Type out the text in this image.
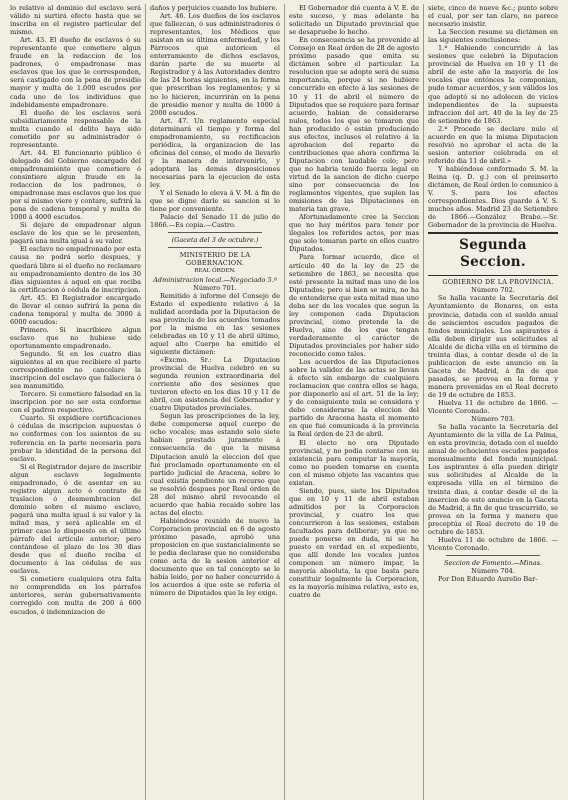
lo relativo al dominio del esclavo será válido ni surtirá efecto hasta que se inscriba en el registro particular del mismo.

Art. 43. El dueño de esclavos ó su representante que cometiere algun fraude en la redaccion de los padrones, ó empadronase mas esclavos que los que le corresponden, será castigado con la pena de presidio mayor y multa de 1.000 escudos por cada uno de los individuos que indebidamente empadronare.

El dueño de los esclavos será subsidiariamente responsable de la multa cuando el delito haya sido cometido por su administrador ó representante.

Art. 44. El funcionario público ó delegado del Gobierno encargado del empadronamiento que cometiere ó consintiere algun fraude en la redaccion de los padrones, ó empadronase mas esclavos que los que por sí mismo viere y contare, sufrirá la pena de cadena temporal y multa de 1000 á 4000 escudos.

Si dejare de empadronar algun esclavo de los que se le presenten, pagará una multa igual á su valor.

El esclavo no empadronado por esta causa no podrá serlo despues, y quedará libre si el dueño no reclamare su empadronamiento dentro de los 30 dias siguientes á aquel en que reciba la certificacion ó cédula de inscripcion.

Art. 45. El Registrador encargado de llevar el censo sufrirá la pena de cadena temporal y multa de 3000 á 6000 escudos:

Primero. Si inscribiere algun esclavo que no hubiese sido oportunamente empadronado.

Segundo. Si en los cuatro dias siguientes al en que recibiere el parte correspondiente no cancelare la inscripcion del esclavo que falleciera ó sea manumitido.

Tercero. Si cometiere falsedad en la inscripcion por no ser esta conforme con el padron respectivo.

Cuarto. Si expidiere certificaciones ó cédulas de inscripcion supuestas ó no conformes con los asientos de su referencia en la parte necesaria para probar la identidad de la persona del esclavo.

Si el Registrador dejare de inscribir algun esclavo legalmente empadronado, ó de asentar en su registro algun acto ó contrato de traslacion ó desmembracion del dominio sobre el mismo esclavo, pagará una multa igual á su valor y la mitad mas, y será aplicable en el primer caso lo dispuesto en el último párrafo del artículo anterior; pero contándose el plazo de los 30 dias desde que el dueño reciba el documento á las cédulas de sus esclavos.

Si cometiere cualquiera otra falta no comprendida en los párrafos anteriores, serán gubernativamente corregido con multa de 200 á 600 escudos, é indemnizacion de

daños y perjuicios cuando los hubiere.

Art. 46. Los dueños de los esclavos que fallezcan, ó sus administradores ó representantes, los Médicos que asistan en su última enfermedad, y los Párrocos que autoricen el enterramiento de dichos esclavos, darán parte de su muerte al Registrador y á las Autoridades dentro de las 24 horas siguientes, en la forma que prescriban los reglamentos; y si no lo hicieren, incurrirán en la pena de presidio menor y multa de 1000 á 2000 escudos.

Art. 47. Un reglamento especial determinará el tiempo y forma del empadronamiento, su rectificacion periódica, la organizacion de las oficinas del censo, el modo de llevarlo y la manera de intervenirlo, y adoptará las demás disposiciones necesarias para la ejecucion de esta ley.

Y el Senado lo eleva á V. M. á fin de que se digne darle su sancion si lo tiene por conveniente.

Palacio del Senado 11 de julio de 1866.—Es copia.—Castro.

(Gaceta del 3 de octubre.)

MINISTERIO DE LA GOBERNACION.

REAL ÓRDEN.

Administracion local.—Negociado 5.º

Número 701.

Remitido á informe del Consejo de Estado el expediente relativo á la nulidad acordada por la Diputacion de esa provincia de los acuerdos tomados por la misma en las sesiones celebradas en 10 y 11 de abril último, aquel alto Cuerpo ha emitido el siguiente dictámen:

«Excmo. Sr.: La Diputacion provincial de Huelva celebró en su segunda reunion extraordinaria del corriente año dos sesiones que tuvieron efecto en los dias 10 y 11 de abril, con asistencia del Gobernador y cuatro Diputados provinciales.

Segun las prescripciones de la ley, debe componerse aquel cuerpo de ocho vocales; mas estando solo siete habian prestado juramento á consecuencia de que la misma Diputacion anuló la eleccion del que fué proclamado oportunamente en el partido judicial de Aracena, sobre lo cual existia pendiente un recurso que se resolvió despues por Real órden de 28 del mismo abril revocando el acuerdo que habia recaido sobre las actas del electo.

Habiéndose reunido de nuevo la Corporacion provincial en 6 de agosto próximo pasado, aprobó una proposicion en que sustancialmente se le pedia declarase que no consideraba como acta de la sesion anterior el documento que en tal concepto se le habia leido, por no haber concurrido á los acuerdos á que este se referia el número de Diputados que la ley exige.

El Gobernador dió cuenta á V. E. de este suceso, y mas adelante ha solicitado un Diputado provincial que se desapruebe lo hecho.

En consecuencia se ha provenido al Consejo en Real órden de 28 de agosto próximo pasado que emita su dictámen sobre el particular. La resolucion que se adopte será de suma importancia, porque si no hubiere concurrido en efecto á las sesiones de 10 y 11 de abril el número de Diputados que se requiere para formar acuerdo, habian de considerarse nulos, todos los que se tomaron que han producido ó están produciendo sus efectos, inclusos el relativo á la aprobacion del reparto de contribuciones que ahora confirma la Diputacion con laudable celo; pero que no habria tenido fuerza legal en virtud de la sancion de dicho cuerpo sino por consecuencia de los reglamentos vigentes, que suplen las omisiones de las Diputaciones en materia tan grave.

Afortunadamente cree la Seccion que no hay méritos para tener por ilegales los referidos actos, por mas que solo tomaran parte en ellos cuatro Diputados.

Para formar acuerdo, dice el artículo 40 de la ley de 25 de setiembre de 1863, se necesita que esté presente la mitad mas uno de los Diputados; pero si bien se mira, no ha de entenderse que esta mitad mas uno deba ser de los vocales que segun la ley componen cada Diputacion provincial, como pretende la de Huelva, sino de los que tengan verdaderamente el carácter de Diputados provinciales por haber sido reconocido como tales.

Los acuerdos de las Diputaciones sobre la validez de las actas se llevan á efecto sin embargo de cualquiera reclamacion que contra ellos se haga, por disponerlo así el art. 51 de la ley; y de consiguiente nula se considera y debe considerarse la eleccion del partido de Aracena hasta el momento en que fué comunicada á la provincia la Real órden de 23 de abril.

El electo no era Diputado provincial, y no podia contarse con su existencia para computar la mayoría, como no pueden tomarse en cuenta con el mismo objeto las vacantes que existan.

Siendo, pues, siete los Diputados que en 10 y 11 de abril estaban admitidos por la Corporacion provincial, y cuatro los que concurrieron á las sesiones, estaban facultados para deliberar; ya que no puede ponerse en duda, ni se ha puesto en verdad en el expediente, que allí donde los vocales juntos componen un número impar, la mayoría absoluta, la que basta para constituir legalmente la Corporacion, es la mayoría mínima relativa, esto es, cuatro de

siete, cinco de nueve &c.; punto sobre el cual, por ser tan claro, no parece necesario insistir.

La Seccion resume su dictámen en las siguientes conclusiones:

1.ª Habiendo concurrido á las sesiones que celebró la Diputacion provincial de Huelva en 10 y 11 de abril de este año la mayoría de los vocales que entónces la componian, pudo tomar acuerdos, y son válidos los que adoptó si no adolecen de vicios independientes de la supuesta infraccion del art. 40 de la ley de 25 de setiembre de 1863.

2.ª Procede se declare nulo el acuerdo en que la misma Diputacion resolvió no aprobar el acta de la sesion anterior celebrada en el referido dia 11 de abril.»

Y habiéndose conformado S. M. la Reina (q. D. g.) con el preinserto dictámen, de Real órden lo comunico á V. S. para los efectos correspondientes. Dios guarde á V. S. muchos años. Madrid 23 de Setiembre de 1866.—González Brabo.—Sr. Gobernador de la provincia de Huelva.

Segunda Seccion.

GOBIERNO DE LA PROVINCIA.

Número 702.

Se halla vacante la Secretaría del Ayuntamiento de Bonares, en esta provincia, dotada con el sueldo anual de seiscientos escudos pagados de fondos municipales. Los aspirantes á ella deben dirigir sus solicitudes al Alcalde de dicha villa en el término de treinta dias, á contar desde el de la publicacion de este anuncio en la Gaceta de Madrid, á fin de que pasados, se provea en la forma y manera prevenidas en el Real decreto de 19 de octubre de 1853.

Huelva 11 de octubre de 1866. —Vicente Coronado.

Número 703.

Se halla vacante la Secretaría del Ayuntamiento de la villa de La Palma, en esta provincia, dotada con el sueldo anual de ochocientos escudos pagados mensualmente del fondo municipal. Los aspirantes á ella pueden dirigir sus solicitudes al Alcalde de la expresada villa en el término de treinta dias, á contar desde el de la insercion de este anuncio en la Gaceta de Madrid, á fin de que trascurrido, se provea en la forma y manera que preceptúa el Real decreto de 19 de octubre de 1853.

Huelva 11 de octubre de 1866. —Vicente Coronado.

Seccion de Fomento.—Minas.

Número 704.

Por Don Eduardo Aurelio Bar-
